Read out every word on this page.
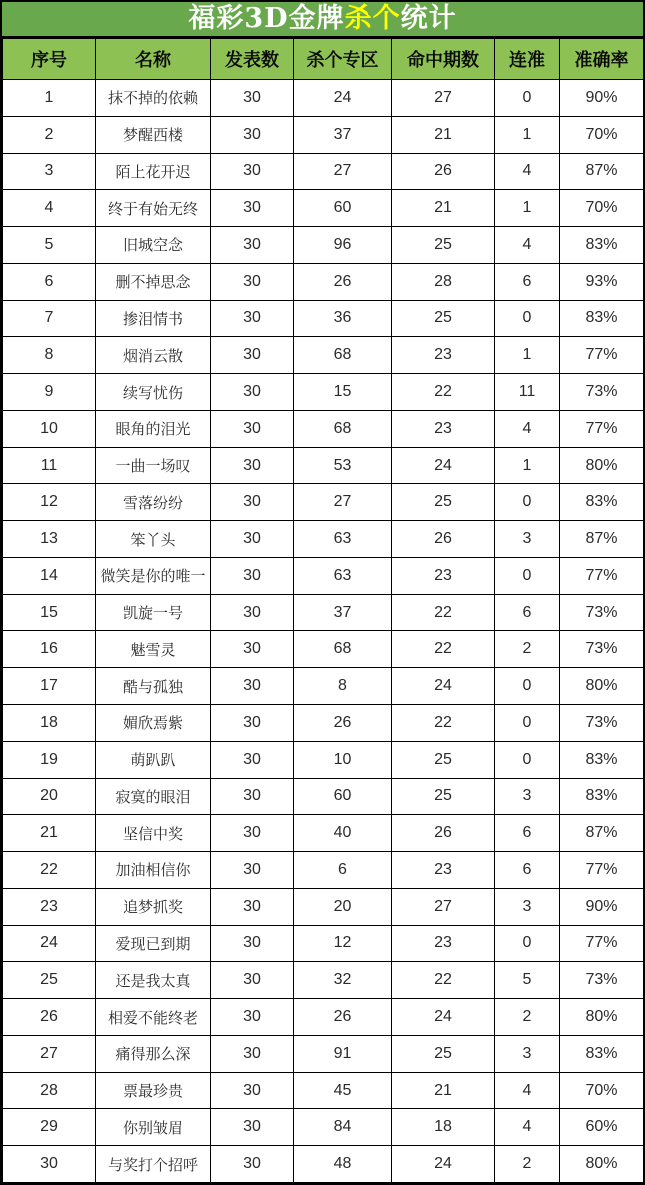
福彩3D金牌 杀个 统计
序号	名称	发表数	杀个专区	命中期数	连准	准确率
1	抹不掉的依赖	30	24	27	0	90%
2	梦醒西楼	30	37	21	1	70%
3	陌上花开迟	30	27	26	4	87%
4	终于有始无终	30	60	21	1	70%
5	旧城空念	30	96	25	4	83%
6	删不掉思念	30	26	28	6	93%
7	掺泪情书	30	36	25	0	83%
8	烟消云散	30	68	23	1	77%
9	续写忧伤	30	15	22	11	73%
10	眼角的泪光	30	68	23	4	77%
11	一曲一场叹	30	53	24	1	80%
12	雪落纷纷	30	27	25	0	83%
13	笨丫头	30	63	26	3	87%
14	微笑是你的唯一	30	63	23	0	77%
15	凯旋一号	30	37	22	6	73%
16	魅雪灵	30	68	22	2	73%
17	酷与孤独	30	8	24	0	80%
18	媚欣焉紫	30	26	22	0	73%
19	萌趴趴	30	10	25	0	83%
20	寂寞的眼泪	30	60	25	3	83%
21	坚信中奖	30	40	26	6	87%
22	加油相信你	30	6	23	6	77%
23	追梦抓奖	30	20	27	3	90%
24	爱现已到期	30	12	23	0	77%
25	还是我太真	30	32	22	5	73%
26	相爱不能终老	30	26	24	2	80%
27	痛得那么深	30	91	25	3	83%
28	票最珍贵	30	45	21	4	70%
29	你别皱眉	30	84	18	4	60%
30	与奖打个招呼	30	48	24	2	80%
